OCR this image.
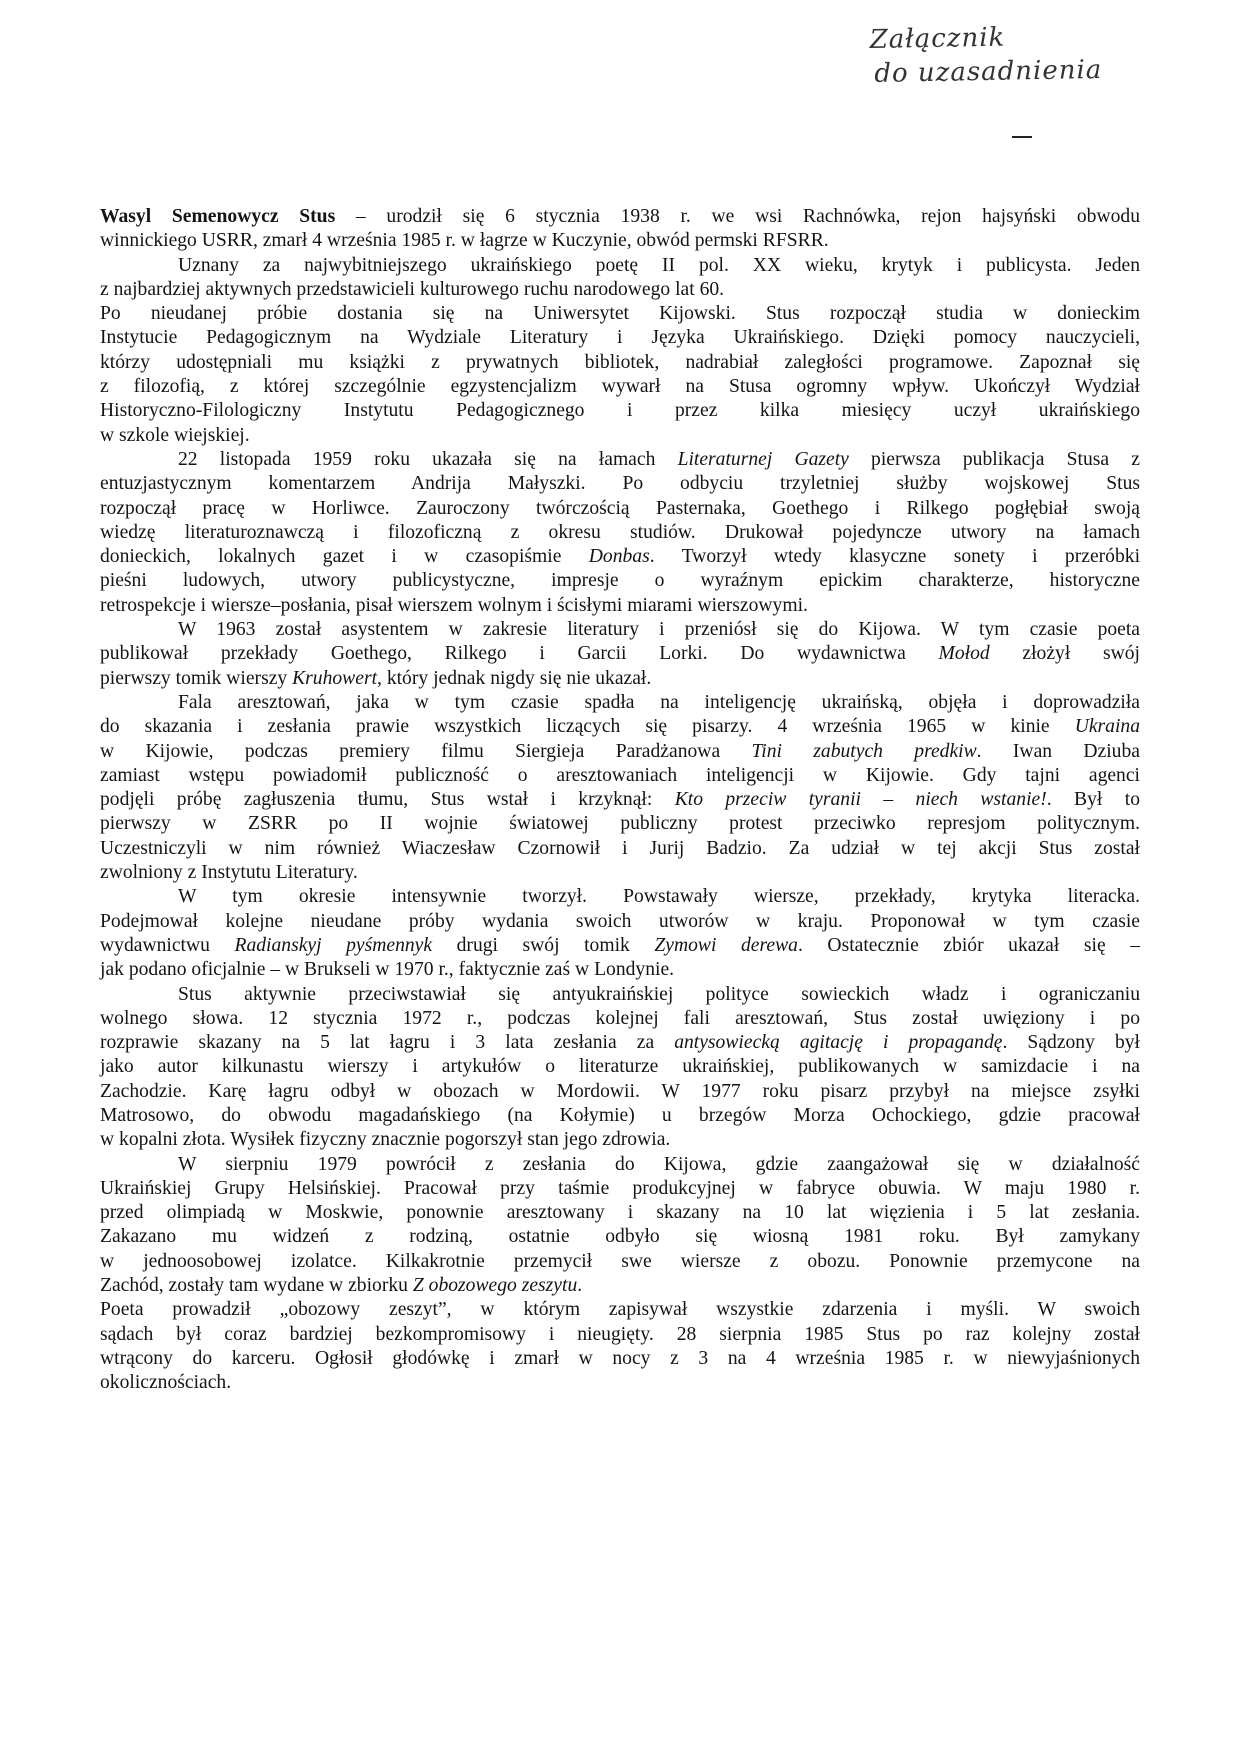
Załącznik
do uzasadnienia
Wasyl Semenowycz Stus – urodził się 6 stycznia 1938 r. we wsi Rachnówka, rejon hajsyński obwodu
winnickiego USRR, zmarł 4 września 1985 r. w łagrze w Kuczynie, obwód permski RFSRR.
Uznany za najwybitniejszego ukraińskiego poetę II pol. XX wieku, krytyk i publicysta. Jeden
z najbardziej aktywnych przedstawicieli kulturowego ruchu narodowego lat 60.
Po nieudanej próbie dostania się na Uniwersytet Kijowski. Stus rozpoczął studia w donieckim
Instytucie Pedagogicznym na Wydziale Literatury i Języka Ukraińskiego. Dzięki pomocy nauczycieli,
którzy udostępniali mu książki z prywatnych bibliotek, nadrabiał zaległości programowe. Zapoznał się
z filozofią, z której szczególnie egzystencjalizm wywarł na Stusa ogromny wpływ. Ukończył Wydział
Historyczno-Filologiczny Instytutu Pedagogicznego i przez kilka miesięcy uczył ukraińskiego
w szkole wiejskiej.
22 listopada 1959 roku ukazała się na łamach Literaturnej Gazety pierwsza publikacja Stusa z
entuzjastycznym komentarzem Andrija Małyszki. Po odbyciu trzyletniej służby wojskowej Stus
rozpoczął pracę w Horliwce. Zauroczony twórczością Pasternaka, Goethego i Rilkego pogłębiał swoją
wiedzę literaturoznawczą i filozoficzną z okresu studiów. Drukował pojedyncze utwory na łamach
donieckich, lokalnych gazet i w czasopiśmie Donbas. Tworzył wtedy klasyczne sonety i przeróbki
pieśni ludowych, utwory publicystyczne, impresje o wyraźnym epickim charakterze, historyczne
retrospekcje i wiersze–posłania, pisał wierszem wolnym i ścisłymi miarami wierszowymi.
W 1963 został asystentem w zakresie literatury i przeniósł się do Kijowa. W tym czasie poeta
publikował przekłady Goethego, Rilkego i Garcii Lorki. Do wydawnictwa Mołod złożył swój
pierwszy tomik wierszy Kruhowert, który jednak nigdy się nie ukazał.
Fala aresztowań, jaka w tym czasie spadła na inteligencję ukraińską, objęła i doprowadziła
do skazania i zesłania prawie wszystkich liczących się pisarzy. 4 września 1965 w kinie Ukraina
w Kijowie, podczas premiery filmu Siergieja Paradżanowa Tini zabutych predkiw. Iwan Dziuba
zamiast wstępu powiadomił publiczność o aresztowaniach inteligencji w Kijowie. Gdy tajni agenci
podjęli próbę zagłuszenia tłumu, Stus wstał i krzyknął: Kto przeciw tyranii – niech wstanie!. Był to
pierwszy w ZSRR po II wojnie światowej publiczny protest przeciwko represjom politycznym.
Uczestniczyli w nim również Wiaczesław Czornowił i Jurij Badzio. Za udział w tej akcji Stus został
zwolniony z Instytutu Literatury.
W tym okresie intensywnie tworzył. Powstawały wiersze, przekłady, krytyka literacka.
Podejmował kolejne nieudane próby wydania swoich utworów w kraju. Proponował w tym czasie
wydawnictwu Radianskyj pyśmennyk drugi swój tomik Zymowi derewa. Ostatecznie zbiór ukazał się –
jak podano oficjalnie – w Brukseli w 1970 r., faktycznie zaś w Londynie.
Stus aktywnie przeciwstawiał się antyukraińskiej polityce sowieckich władz i ograniczaniu
wolnego słowa. 12 stycznia 1972 r., podczas kolejnej fali aresztowań, Stus został uwięziony i po
rozprawie skazany na 5 lat łagru i 3 lata zesłania za antysowiecką agitację i propagandę. Sądzony był
jako autor kilkunastu wierszy i artykułów o literaturze ukraińskiej, publikowanych w samizdacie i na
Zachodzie. Karę łagru odbył w obozach w Mordowii. W 1977 roku pisarz przybył na miejsce zsyłki
Matrosowo, do obwodu magadańskiego (na Kołymie) u brzegów Morza Ochockiego, gdzie pracował
w kopalni złota. Wysiłek fizyczny znacznie pogorszył stan jego zdrowia.
W sierpniu 1979 powrócił z zesłania do Kijowa, gdzie zaangażował się w działalność
Ukraińskiej Grupy Helsińskiej. Pracował przy taśmie produkcyjnej w fabryce obuwia. W maju 1980 r.
przed olimpiadą w Moskwie, ponownie aresztowany i skazany na 10 lat więzienia i 5 lat zesłania.
Zakazano mu widzeń z rodziną, ostatnie odbyło się wiosną 1981 roku. Był zamykany
w jednoosobowej izolatce. Kilkakrotnie przemycił swe wiersze z obozu. Ponownie przemycone na
Zachód, zostały tam wydane w zbiorku Z obozowego zeszytu.
Poeta prowadził „obozowy zeszyt”, w którym zapisywał wszystkie zdarzenia i myśli. W swoich
sądach był coraz bardziej bezkompromisowy i nieugięty. 28 sierpnia 1985 Stus po raz kolejny został
wtrącony do karceru. Ogłosił głodówkę i zmarł w nocy z 3 na 4 września 1985 r. w niewyjaśnionych
okolicznościach.
